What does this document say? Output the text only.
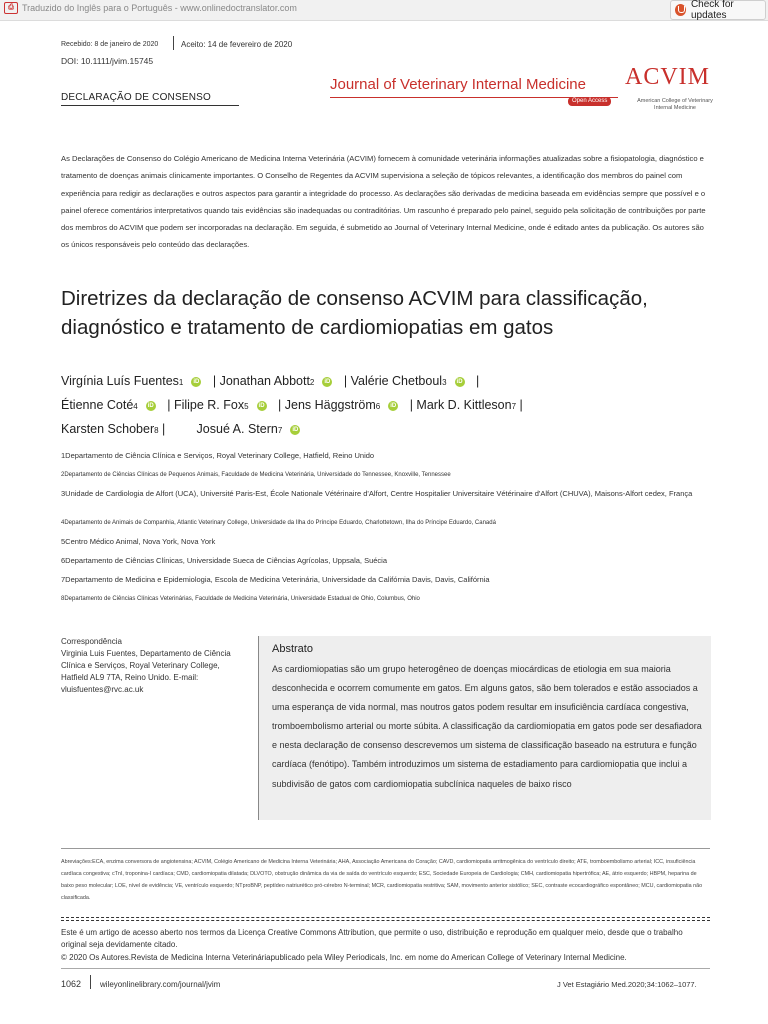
⎙ Traduzido do Inglês para o Português - www.onlinedoctranslator.com	Check for updates
Recebido: 8 de janeiro de 2020	Aceito: 14 de fevereiro de 2020
DOI: 10.1111/jvim.15745
DECLARAÇÃO DE CONSENSO
Journal of Veterinary Internal Medicine
Open Access
ACVIM
American College of Veterinary Internal Medicine
As Declarações de Consenso do Colégio Americano de Medicina Interna Veterinária (ACVIM) fornecem à comunidade veterinária informações atualizadas sobre a fisiopatologia, diagnóstico e tratamento de doenças animais clinicamente importantes. O Conselho de Regentes da ACVIM supervisiona a seleção de tópicos relevantes, a identificação dos membros do painel com experiência para redigir as declarações e outros aspectos para garantir a integridade do processo. As declarações são derivadas de medicina baseada em evidências sempre que possível e o painel oferece comentários interpretativos quando tais evidências são inadequadas ou contraditórias. Um rascunho é preparado pelo painel, seguido pela solicitação de contribuições por parte dos membros do ACVIM que podem ser incorporadas na declaração. Em seguida, é submetido ao Journal of Veterinary Internal Medicine, onde é editado antes da publicação. Os autores são os únicos responsáveis pelo conteúdo das declarações.
Diretrizes da declaração de consenso ACVIM para classificação, diagnóstico e tratamento de cardiomiopatias em gatos
Virgínia Luís Fuentes1 iD | Jonathan Abbott2 iD | Valérie Chetboul3 iD |
Étienne Coté4 iD | Filipe R. Fox5 iD | Jens Häggström6 iD | Mark D. Kittleson7 |
Karsten Schober8 |         Josué A. Stern7 iD
1Departamento de Ciência Clínica e Serviços, Royal Veterinary College, Hatfield, Reino Unido
2Departamento de Ciências Clínicas de Pequenos Animais, Faculdade de Medicina Veterinária, Universidade do Tennessee, Knoxville, Tennessee
3Unidade de Cardiologia de Alfort (UCA), Université Paris-Est, École Nationale Vétérinaire d'Alfort, Centre Hospitalier Universitaire Vétérinaire d'Alfort (CHUVA), Maisons-Alfort cedex, França
4Departamento de Animais de Companhia, Atlantic Veterinary College, Universidade da Ilha do Príncipe Eduardo, Charlottetown, Ilha do Príncipe Eduardo, Canadá
5Centro Médico Animal, Nova York, Nova York
6Departamento de Ciências Clínicas, Universidade Sueca de Ciências Agrícolas, Uppsala, Suécia
7Departamento de Medicina e Epidemiologia, Escola de Medicina Veterinária, Universidade da Califórnia Davis, Davis, Califórnia
8Departamento de Ciências Clínicas Veterinárias, Faculdade de Medicina Veterinária, Universidade Estadual de Ohio, Columbus, Ohio
Correspondência
Virginia Luis Fuentes, Departamento de Ciência Clínica e Serviços, Royal Veterinary College, Hatfield AL9 7TA, Reino Unido. E-mail: vluisfuentes@rvc.ac.uk
Abstrato
As cardiomiopatias são um grupo heterogêneo de doenças miocárdicas de etiologia em sua maioria desconhecida e ocorrem comumente em gatos. Em alguns gatos, são bem tolerados e estão associados a uma esperança de vida normal, mas noutros gatos podem resultar em insuficiência cardíaca congestiva, tromboembolismo arterial ou morte súbita. A classificação da cardiomiopatia em gatos pode ser desafiadora e nesta declaração de consenso descrevemos um sistema de classificação baseado na estrutura e função cardíaca (fenótipo). Também introduzimos um sistema de estadiamento para cardiomiopatia que inclui a subdivisão de gatos com cardiomiopatia subclínica naqueles de baixo risco
Abreviações:ECA, enzima conversora de angiotensina; ACVIM, Colégio Americano de Medicina Interna Veterinária; AHA, Associação Americana do Coração; CAVD, cardiomiopatia arritmogênica do ventrículo direito; ATE, tromboembolismo arterial; ICC, insuficiência cardíaca congestiva; cTnI, troponina-I cardíaca; CMD, cardiomiopatia dilatada; DLVOTO, obstrução dinâmica da via de saída do ventrículo esquerdo; ESC, Sociedade Europeia de Cardiologia; CMH, cardiomiopatia hipertrófica; AE, átrio esquerdo; HBPM, heparina de baixo peso molecular; LOE, nível de evidência; VE, ventrículo esquerdo; NTproBNP, peptídeo natriurético pró-cérebro N-terminal; MCR, cardiomiopatia restritiva; SAM, movimento anterior sistólico; SEC, contraste ecocardiográfico espontâneo; MCU, cardiomiopatia não classificada.
Este é um artigo de acesso aberto nos termos da Licença Creative Commons Attribution, que permite o uso, distribuição e reprodução em qualquer meio, desde que o trabalho original seja devidamente citado.
© 2020 Os Autores.Revista de Medicina Interna Veterináriapublicado pela Wiley Periodicals, Inc. em nome do American College of Veterinary Internal Medicine.
1062 wileyonlinelibrary.com/journal/jvim	J Vet Estagiário Med.2020;34:1062–1077.
